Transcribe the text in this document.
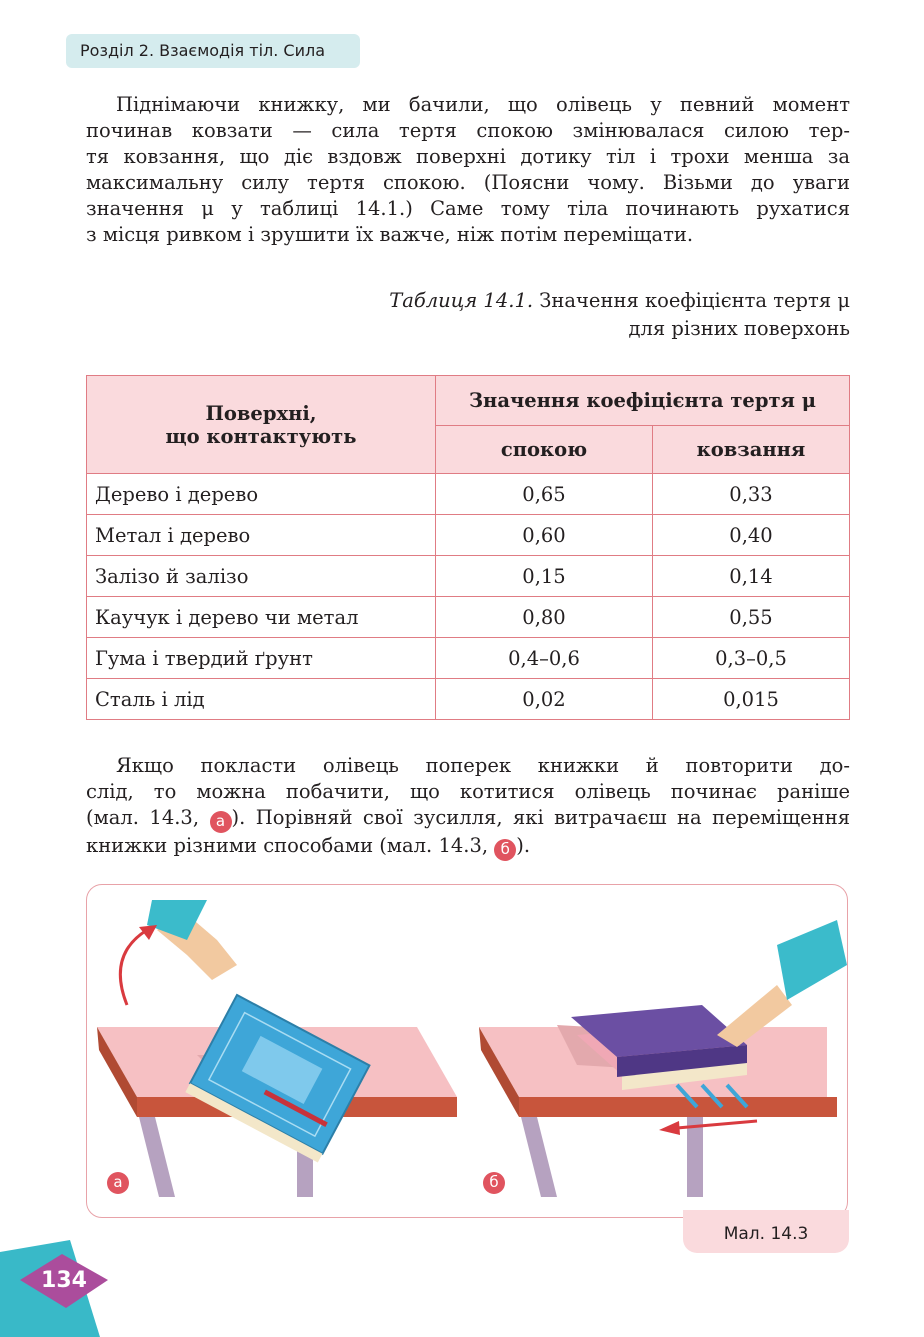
Розділ 2. Взаємодія тіл. Сила

Піднімаючи книжку, ми бачили, що олівець у певний момент
починав ковзати — сила тертя спокою змінювалася силою тер-
тя ковзання, що діє вздовж поверхні дотику тіл і трохи менша за
максимальну силу тертя спокою. (Поясни чому. Візьми до уваги
значення μ у таблиці 14.1.) Саме тому тіла починають рухатися
з місця ривком і зрушити їх важче, ніж потім переміщати.

Таблиця 14.1. Значення коефіцієнта тертя μ
для різних поверхонь
Поверхні,
що контактують	Значення коефіцієнта тертя μ	
	спокою	ковзання
Дерево і дерево	0,65	0,33
Метал і дерево	0,60	0,40
Залізо й залізо	0,15	0,14
Каучук і дерево чи метал	0,80	0,55
Гума і твердий ґрунт	0,4–0,6	0,3–0,5
Сталь і лід	0,02	0,015

Якщо покласти олівець поперек книжки й повторити до-
слід, то можна побачити, що котитися олівець починає раніше
(мал. 14.3, а ). Порівняй свої зусилля, які витрачаєш на переміщення книжки різними способами (мал. 14.3, б ).

а	б
Мал. 14.3
134
